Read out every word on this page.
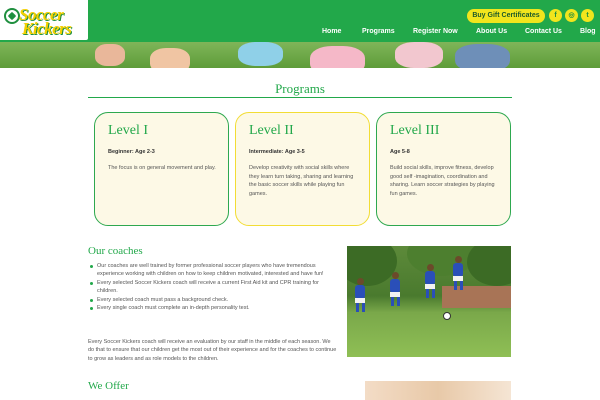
Soccer
Kickers
Buy Gift Certificates	f	◎	t
Home	Programs	Register Now	About Us	Contact Us	Blog
Programs
Level I
Beginner: Age 2-3
The focus is on general movement and play.
Level II
Intermediate: Age 3-5
Develop creativity with social skills where they learn turn taking, sharing and learning the basic soccer skills while playing fun games.
Level III
Age 5-8
Build social skills, improve fitness, develop good self -imagination, coordination and sharing. Learn soccer strategies by playing fun games.
Our coaches
Our coaches are well trained by former professional soccer players who have tremendous experience working with children on how to keep children motivated, interested and have fun!
Every selected Soccer Kickers coach will receive a current First Aid kit and CPR training for children.
Every selected coach must pass a background check.
Every single coach must complete an in-depth personality test.
Every Soccer Kickers coach will receive an evaluation by our staff in the middle of each season. We do that to ensure that our children get the most out of their experience and for the coaches to continue to grow as leaders and as role models to the children.
We Offer
